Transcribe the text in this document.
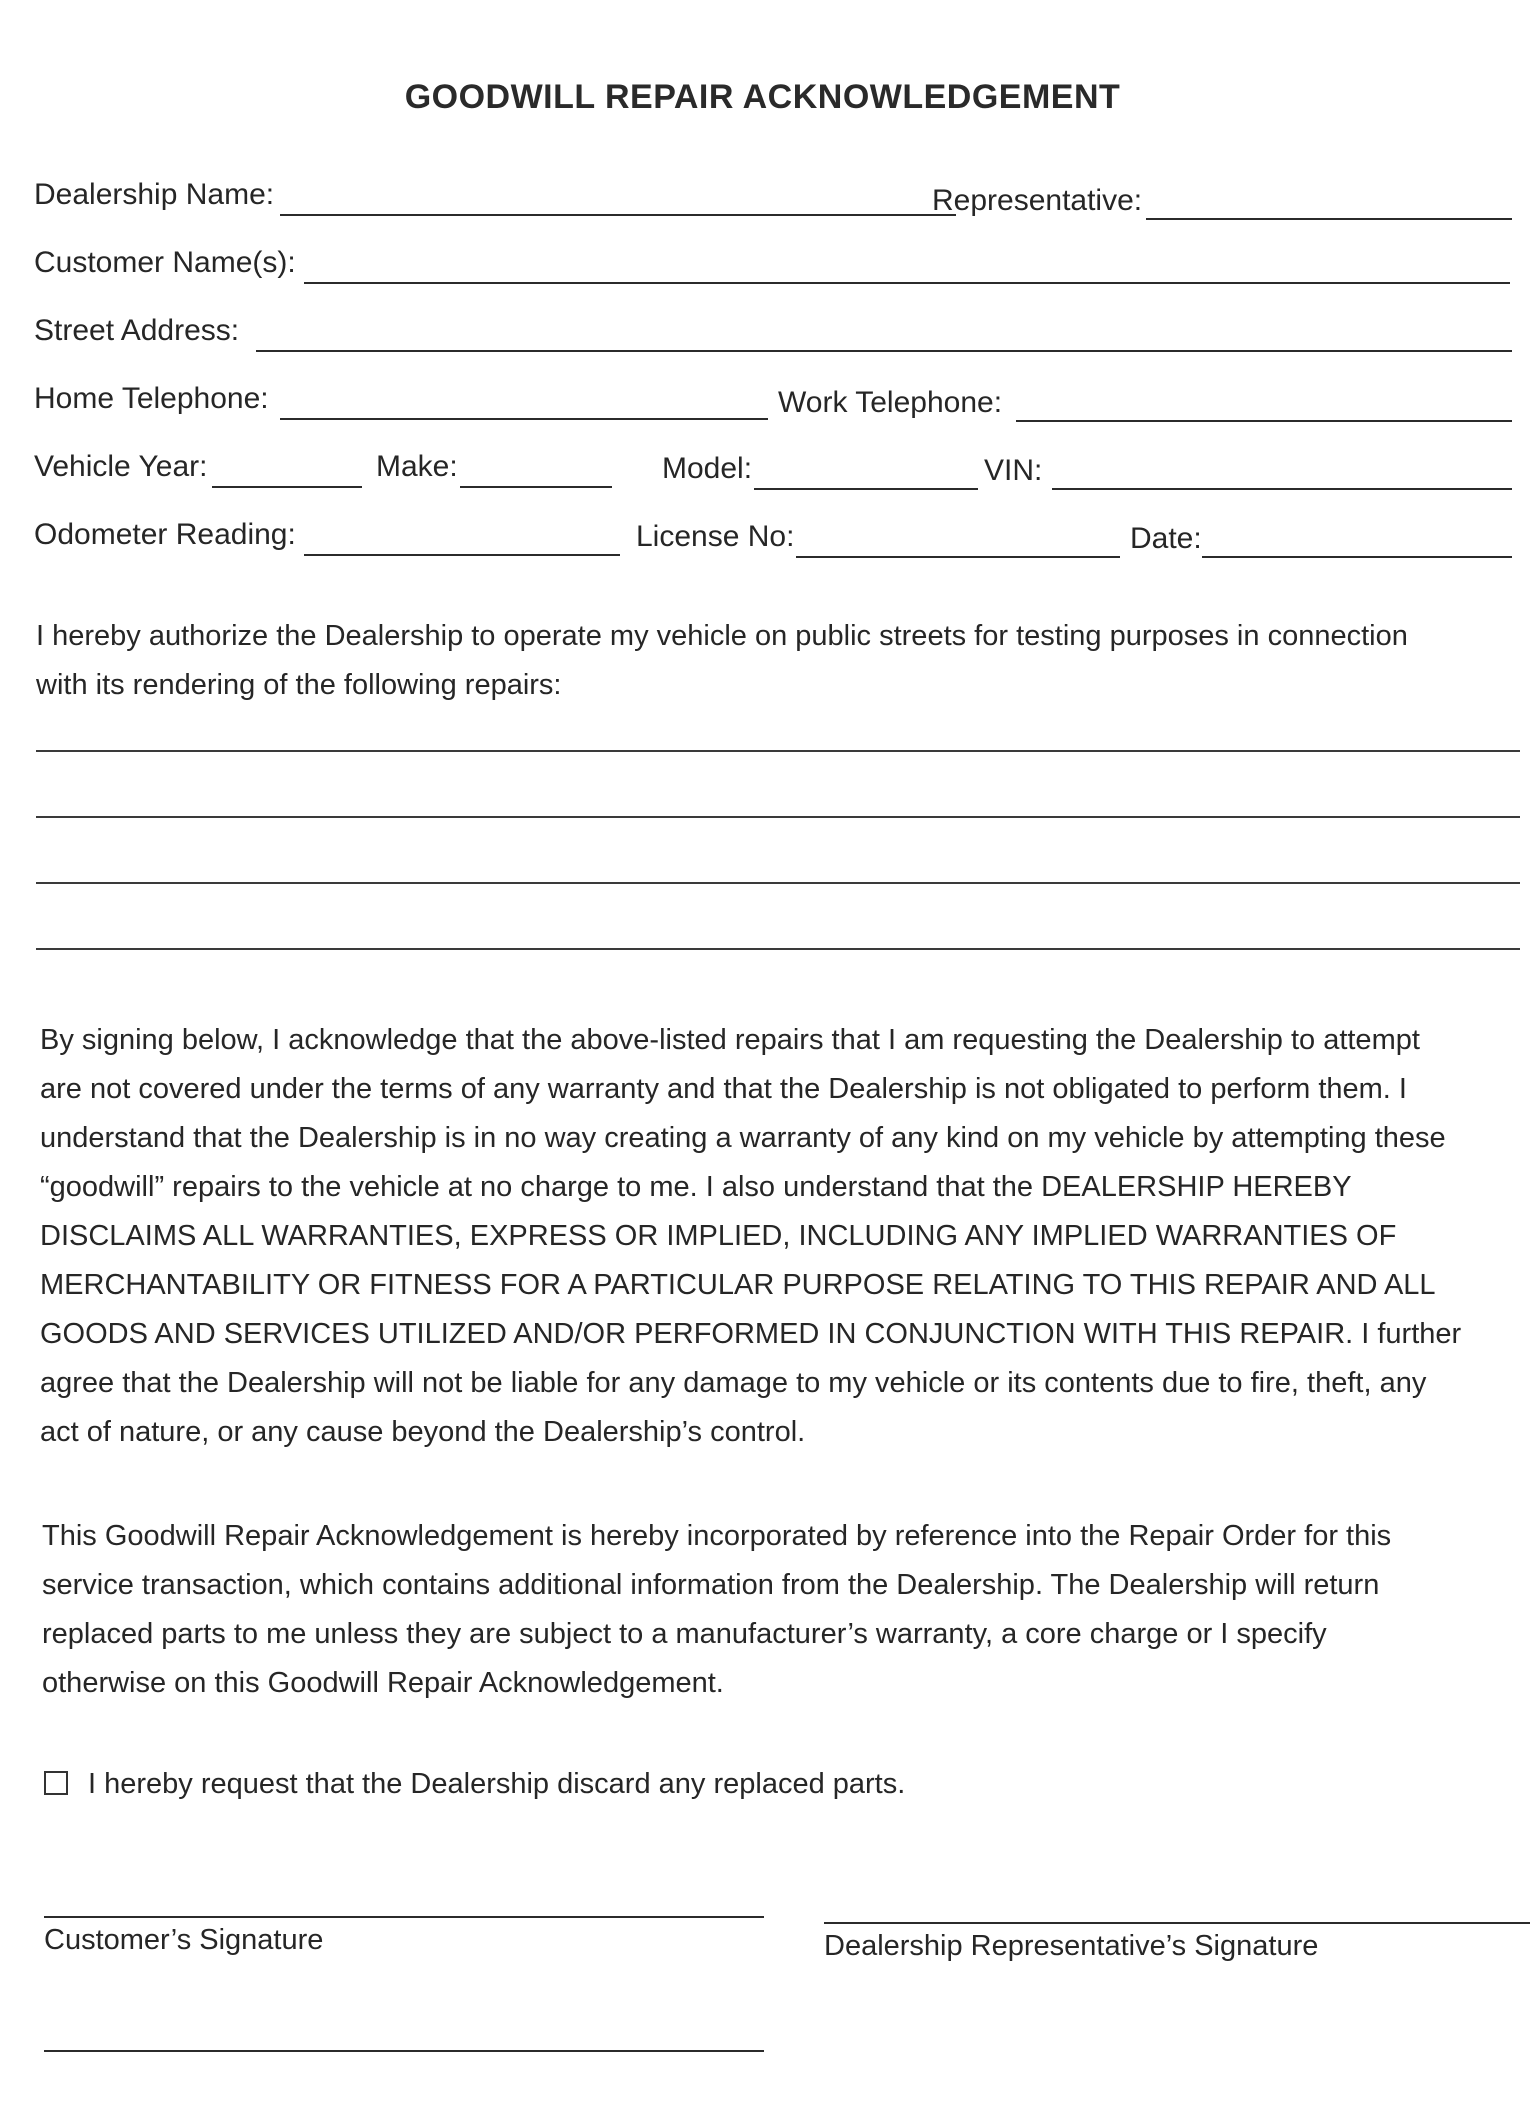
GOODWILL REPAIR ACKNOWLEDGEMENT
Dealership Name:	Representative:
Customer Name(s):
Street Address:
Home Telephone:	Work Telephone:
Vehicle Year:	Make:	Model:	VIN:
Odometer Reading:	License No:	Date:
I hereby authorize the Dealership to operate my vehicle on public streets for testing purposes in connection
with its rendering of the following repairs:
By signing below, I acknowledge that the above-listed repairs that I am requesting the Dealership to attempt
are not covered under the terms of any warranty and that the Dealership is not obligated to perform them. I
understand that the Dealership is in no way creating a warranty of any kind on my vehicle by attempting these
“goodwill” repairs to the vehicle at no charge to me. I also understand that the DEALERSHIP HEREBY
DISCLAIMS ALL WARRANTIES, EXPRESS OR IMPLIED, INCLUDING ANY IMPLIED WARRANTIES OF
MERCHANTABILITY OR FITNESS FOR A PARTICULAR PURPOSE RELATING TO THIS REPAIR AND ALL
GOODS AND SERVICES UTILIZED AND/OR PERFORMED IN CONJUNCTION WITH THIS REPAIR. I further
agree that the Dealership will not be liable for any damage to my vehicle or its contents due to fire, theft, any
act of nature, or any cause beyond the Dealership’s control.
This Goodwill Repair Acknowledgement is hereby incorporated by reference into the Repair Order for this
service transaction, which contains additional information from the Dealership. The Dealership will return
replaced parts to me unless they are subject to a manufacturer’s warranty, a core charge or I specify
otherwise on this Goodwill Repair Acknowledgement.
I hereby request that the Dealership discard any replaced parts.
Customer’s Signature	Dealership Representative’s Signature
